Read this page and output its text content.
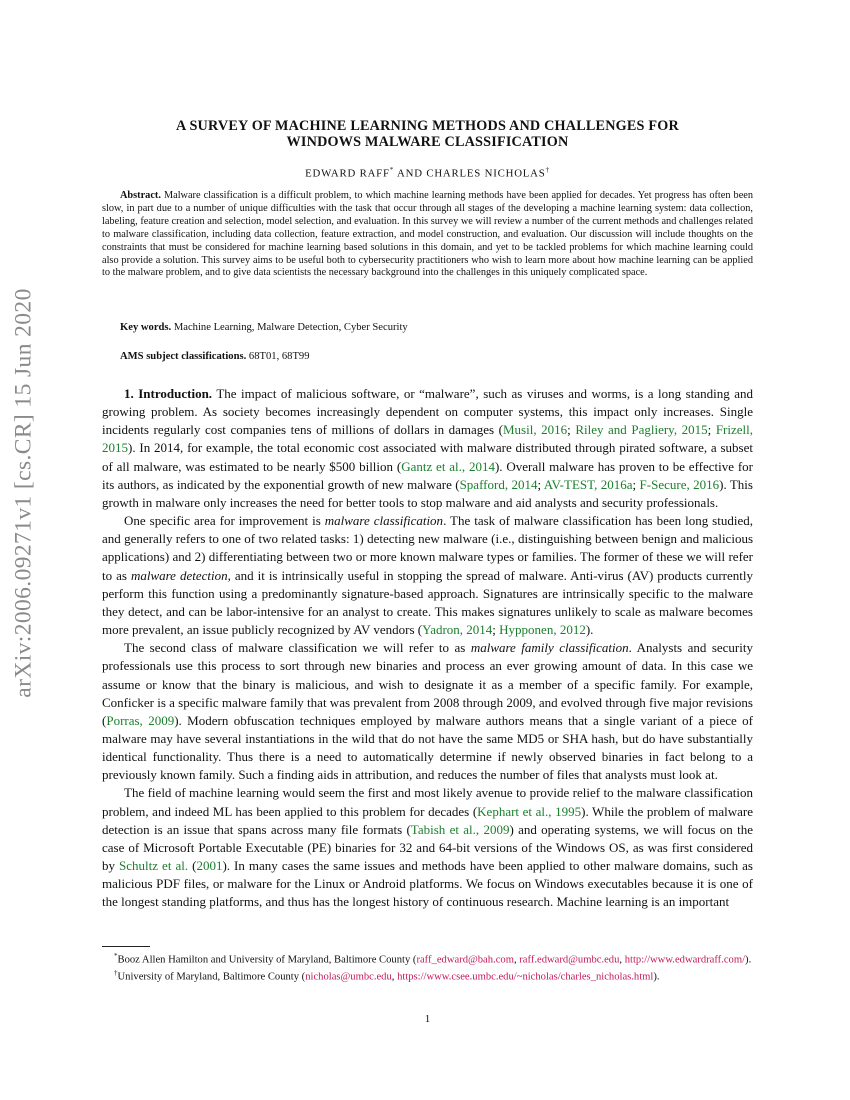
arXiv:2006.09271v1 [cs.CR] 15 Jun 2020
A SURVEY OF MACHINE LEARNING METHODS AND CHALLENGES FOR
WINDOWS MALWARE CLASSIFICATION
EDWARD RAFF* AND CHARLES NICHOLAS†

Abstract. Malware classification is a difficult problem, to which machine learning methods have been applied for decades. Yet progress has often been slow, in part due to a number of unique difficulties with the task that occur through all stages of the developing a machine learning system: data collection, labeling, feature creation and selection, model selection, and evaluation. In this survey we will review a number of the current methods and challenges related to malware classification, including data collection, feature extraction, and model construction, and evaluation. Our discussion will include thoughts on the constraints that must be considered for machine learning based solutions in this domain, and yet to be tackled problems for which machine learning could also provide a solution. This survey aims to be useful both to cybersecurity practitioners who wish to learn more about how machine learning can be applied to the malware problem, and to give data scientists the necessary background into the challenges in this uniquely complicated space.

Key words. Machine Learning, Malware Detection, Cyber Security
AMS subject classifications. 68T01, 68T99

1. Introduction. The impact of malicious software, or “malware”, such as viruses and worms, is a long standing and growing problem. As society becomes increasingly dependent on computer systems, this impact only increases. Single incidents regularly cost companies tens of millions of dollars in damages (Musil, 2016; Riley and Pagliery, 2015; Frizell, 2015). In 2014, for example, the total economic cost associated with malware distributed through pirated software, a subset of all malware, was estimated to be nearly $500 billion (Gantz et al., 2014). Overall malware has proven to be effective for its authors, as indicated by the exponential growth of new malware (Spafford, 2014; AV-TEST, 2016a; F-Secure, 2016). This growth in malware only increases the need for better tools to stop malware and aid analysts and security professionals.

One specific area for improvement is malware classification. The task of malware classification has been long studied, and generally refers to one of two related tasks: 1) detecting new malware (i.e., distinguishing between benign and malicious applications) and 2) differentiating between two or more known malware types or families. The former of these we will refer to as malware detection, and it is intrinsically useful in stopping the spread of malware. Anti-virus (AV) products currently perform this function using a predominantly signature-based approach. Signatures are intrinsically specific to the malware they detect, and can be labor-intensive for an analyst to create. This makes signatures unlikely to scale as malware becomes more prevalent, an issue publicly recognized by AV vendors (Yadron, 2014; Hypponen, 2012).

The second class of malware classification we will refer to as malware family classification. Analysts and security professionals use this process to sort through new binaries and process an ever growing amount of data. In this case we assume or know that the binary is malicious, and wish to designate it as a member of a specific family. For example, Conficker is a specific malware family that was prevalent from 2008 through 2009, and evolved through five major revisions (Porras, 2009). Modern obfuscation techniques employed by malware authors means that a single variant of a piece of malware may have several instantiations in the wild that do not have the same MD5 or SHA hash, but do have substantially identical functionality. Thus there is a need to automatically determine if newly observed binaries in fact belong to a previously known family. Such a finding aids in attribution, and reduces the number of files that analysts must look at.

The field of machine learning would seem the first and most likely avenue to provide relief to the malware classification problem, and indeed ML has been applied to this problem for decades (Kephart et al., 1995). While the problem of malware detection is an issue that spans across many file formats (Tabish et al., 2009) and operating systems, we will focus on the case of Microsoft Portable Executable (PE) binaries for 32 and 64-bit versions of the Windows OS, as was first considered by Schultz et al. (2001). In many cases the same issues and methods have been applied to other malware domains, such as malicious PDF files, or malware for the Linux or Android platforms. We focus on Windows executables because it is one of the longest standing platforms, and thus has the longest history of continuous research. Machine learning is an important

*Booz Allen Hamilton and University of Maryland, Baltimore County (raff_edward@bah.com, raff.edward@umbc.edu, http://www.edwardraff.com/).

†University of Maryland, Baltimore County (nicholas@umbc.edu, https://www.csee.umbc.edu/~nicholas/charles_nicholas.html).

1
